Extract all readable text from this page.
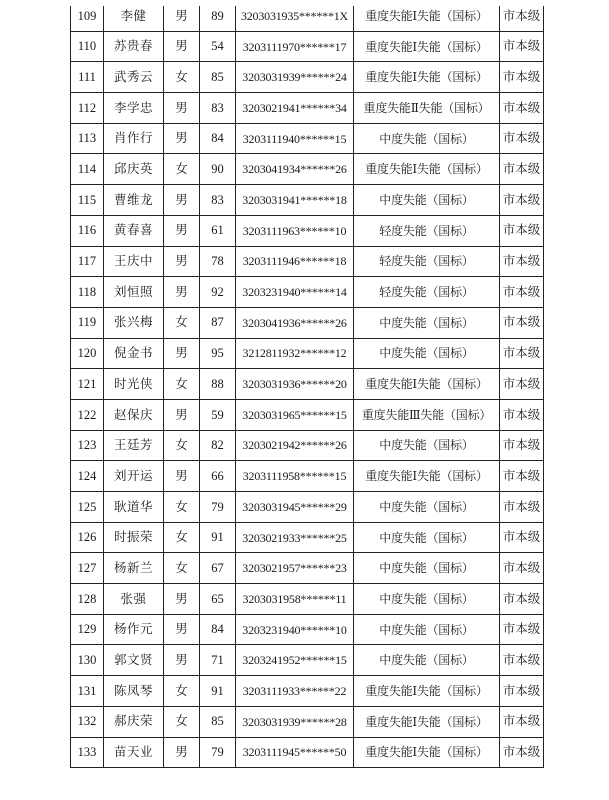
109	李健	男	89	3203031935******1X	重度失能Ⅰ失能（国标）	市本级
110	苏贵春	男	54	3203111970******17	重度失能Ⅰ失能（国标）	市本级
111	武秀云	女	85	3203031939******24	重度失能Ⅰ失能（国标）	市本级
112	李学忠	男	83	3203021941******34	重度失能Ⅱ失能（国标）	市本级
113	肖作行	男	84	3203111940******15	中度失能（国标）	市本级
114	邱庆英	女	90	3203041934******26	重度失能Ⅰ失能（国标）	市本级
115	曹维龙	男	83	3203031941******18	中度失能（国标）	市本级
116	黄春喜	男	61	3203111963******10	轻度失能（国标）	市本级
117	王庆中	男	78	3203111946******18	轻度失能（国标）	市本级
118	刘恒照	男	92	3203231940******14	轻度失能（国标）	市本级
119	张兴梅	女	87	3203041936******26	中度失能（国标）	市本级
120	倪金书	男	95	3212811932******12	中度失能（国标）	市本级
121	时光侠	女	88	3203031936******20	重度失能Ⅰ失能（国标）	市本级
122	赵保庆	男	59	3203031965******15	重度失能Ⅲ失能（国标）	市本级
123	王廷芳	女	82	3203021942******26	中度失能（国标）	市本级
124	刘开运	男	66	3203111958******15	重度失能Ⅰ失能（国标）	市本级
125	耿道华	女	79	3203031945******29	中度失能（国标）	市本级
126	时振荣	女	91	3203021933******25	中度失能（国标）	市本级
127	杨新兰	女	67	3203021957******23	中度失能（国标）	市本级
128	张强	男	65	3203031958******11	中度失能（国标）	市本级
129	杨作元	男	84	3203231940******10	中度失能（国标）	市本级
130	郭文贤	男	71	3203241952******15	中度失能（国标）	市本级
131	陈凤琴	女	91	3203111933******22	重度失能Ⅰ失能（国标）	市本级
132	郝庆荣	女	85	3203031939******28	重度失能Ⅰ失能（国标）	市本级
133	苗天业	男	79	3203111945******50	重度失能Ⅰ失能（国标）	市本级
